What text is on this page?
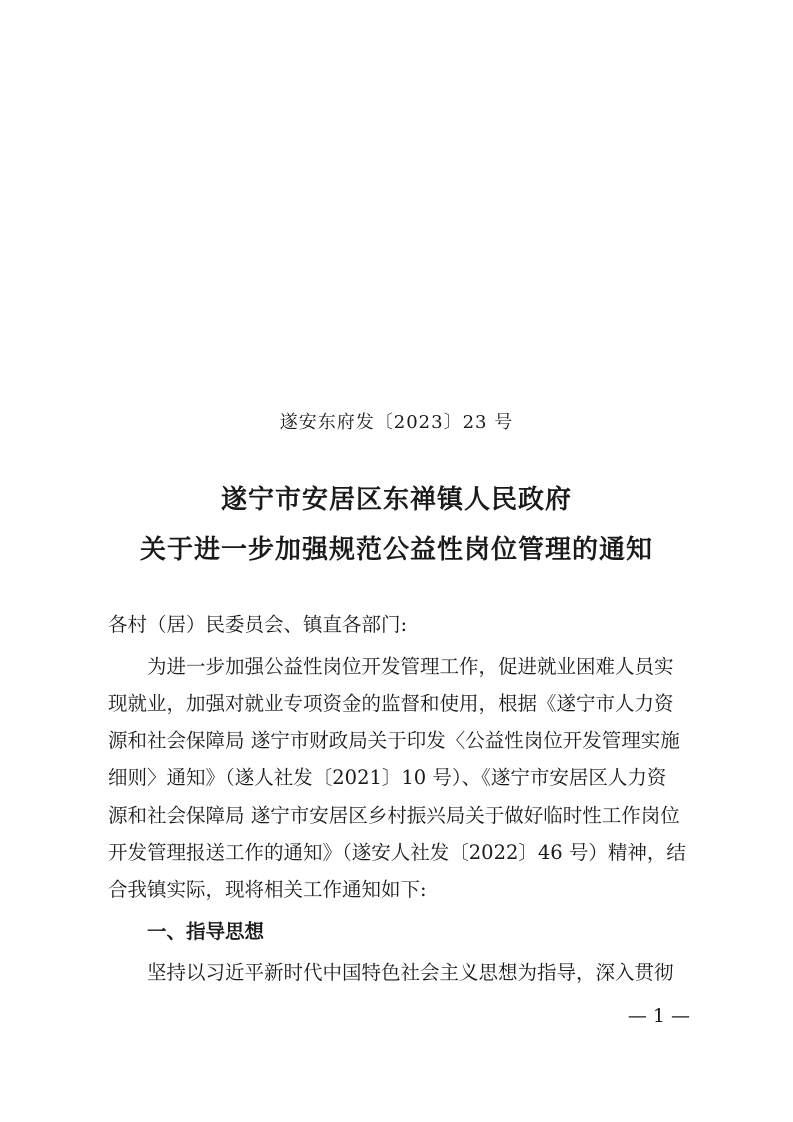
遂安东府发〔2023〕23 号
遂宁市安居区东禅镇人民政府
关于进一步加强规范公益性岗位管理的通知
各村（居）民委员会、镇直各部门:
为进一步加强公益性岗位开发管理工作，促进就业困难人员实
现就业，加强对就业专项资金的监督和使用，根据《遂宁市人力资
源和社会保障局 遂宁市财政局关于印发〈公益性岗位开发管理实施
细则〉通知》（遂人社发〔2021〕10 号）、《遂宁市安居区人力资
源和社会保障局 遂宁市安居区乡村振兴局关于做好临时性工作岗位
开发管理报送工作的通知》（遂安人社发〔2022〕46 号）精神，结
合我镇实际，现将相关工作通知如下:
一、指导思想
坚持以习近平新时代中国特色社会主义思想为指导，深入贯彻
— 1 —
